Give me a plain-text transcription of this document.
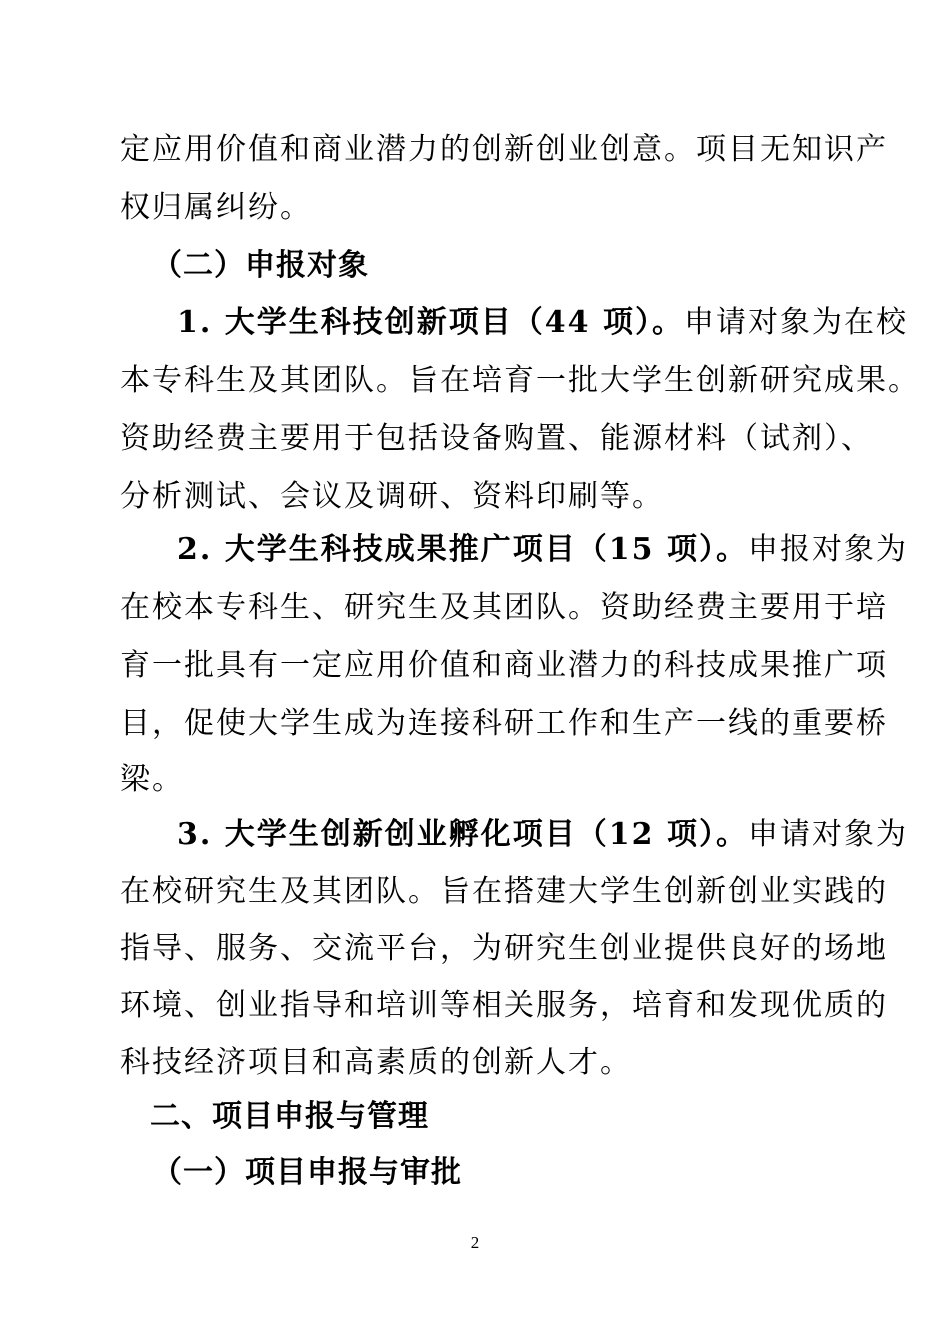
定应用价值和商业潜力的创新创业创意。项目无知识产
权归属纠纷。
（二）申报对象
1. 大学生科技创新项目（44 项）。申请对象为在校
本专科生及其团队。旨在培育一批大学生创新研究成果。
资助经费主要用于包括设备购置、能源材料（试剂）、
分析测试、会议及调研、资料印刷等。
2. 大学生科技成果推广项目（15 项）。申报对象为
在校本专科生、研究生及其团队。资助经费主要用于培
育一批具有一定应用价值和商业潜力的科技成果推广项
目，促使大学生成为连接科研工作和生产一线的重要桥
梁。
3. 大学生创新创业孵化项目（12 项）。申请对象为
在校研究生及其团队。旨在搭建大学生创新创业实践的
指导、服务、交流平台，为研究生创业提供良好的场地
环境、创业指导和培训等相关服务，培育和发现优质的
科技经济项目和高素质的创新人才。
二、项目申报与管理
（一）项目申报与审批
2
